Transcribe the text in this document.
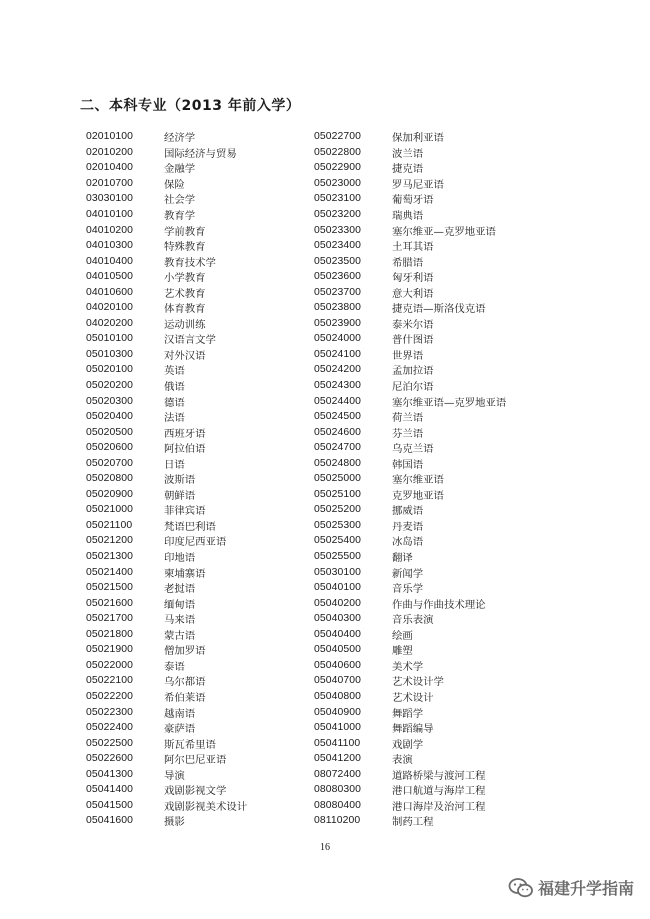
二、本科专业（2013 年前入学）
02010100	经济学
02010200	国际经济与贸易
02010400	金融学
02010700	保险
03030100	社会学
04010100	教育学
04010200	学前教育
04010300	特殊教育
04010400	教育技术学
04010500	小学教育
04010600	艺术教育
04020100	体育教育
04020200	运动训练
05010100	汉语言文学
05010300	对外汉语
05020100	英语
05020200	俄语
05020300	德语
05020400	法语
05020500	西班牙语
05020600	阿拉伯语
05020700	日语
05020800	波斯语
05020900	朝鲜语
05021000	菲律宾语
05021100	梵语巴利语
05021200	印度尼西亚语
05021300	印地语
05021400	柬埔寨语
05021500	老挝语
05021600	缅甸语
05021700	马来语
05021800	蒙古语
05021900	僧加罗语
05022000	泰语
05022100	乌尔都语
05022200	希伯莱语
05022300	越南语
05022400	豪萨语
05022500	斯瓦希里语
05022600	阿尔巴尼亚语
05041300	导演
05041400	戏剧影视文学
05041500	戏剧影视美术设计
05041600	摄影
05022700	保加利亚语
05022800	波兰语
05022900	捷克语
05023000	罗马尼亚语
05023100	葡萄牙语
05023200	瑞典语
05023300	塞尔维亚—克罗地亚语
05023400	土耳其语
05023500	希腊语
05023600	匈牙利语
05023700	意大利语
05023800	捷克语—斯洛伐克语
05023900	泰米尔语
05024000	普什图语
05024100	世界语
05024200	孟加拉语
05024300	尼泊尔语
05024400	塞尔维亚语—克罗地亚语
05024500	荷兰语
05024600	芬兰语
05024700	乌克兰语
05024800	韩国语
05025000	塞尔维亚语
05025100	克罗地亚语
05025200	挪威语
05025300	丹麦语
05025400	冰岛语
05025500	翻译
05030100	新闻学
05040100	音乐学
05040200	作曲与作曲技术理论
05040300	音乐表演
05040400	绘画
05040500	雕塑
05040600	美术学
05040700	艺术设计学
05040800	艺术设计
05040900	舞蹈学
05041000	舞蹈编导
05041100	戏剧学
05041200	表演
08072400	道路桥梁与渡河工程
08080300	港口航道与海岸工程
08080400	港口海岸及治河工程
08110200	制药工程
16
福建升学指南
